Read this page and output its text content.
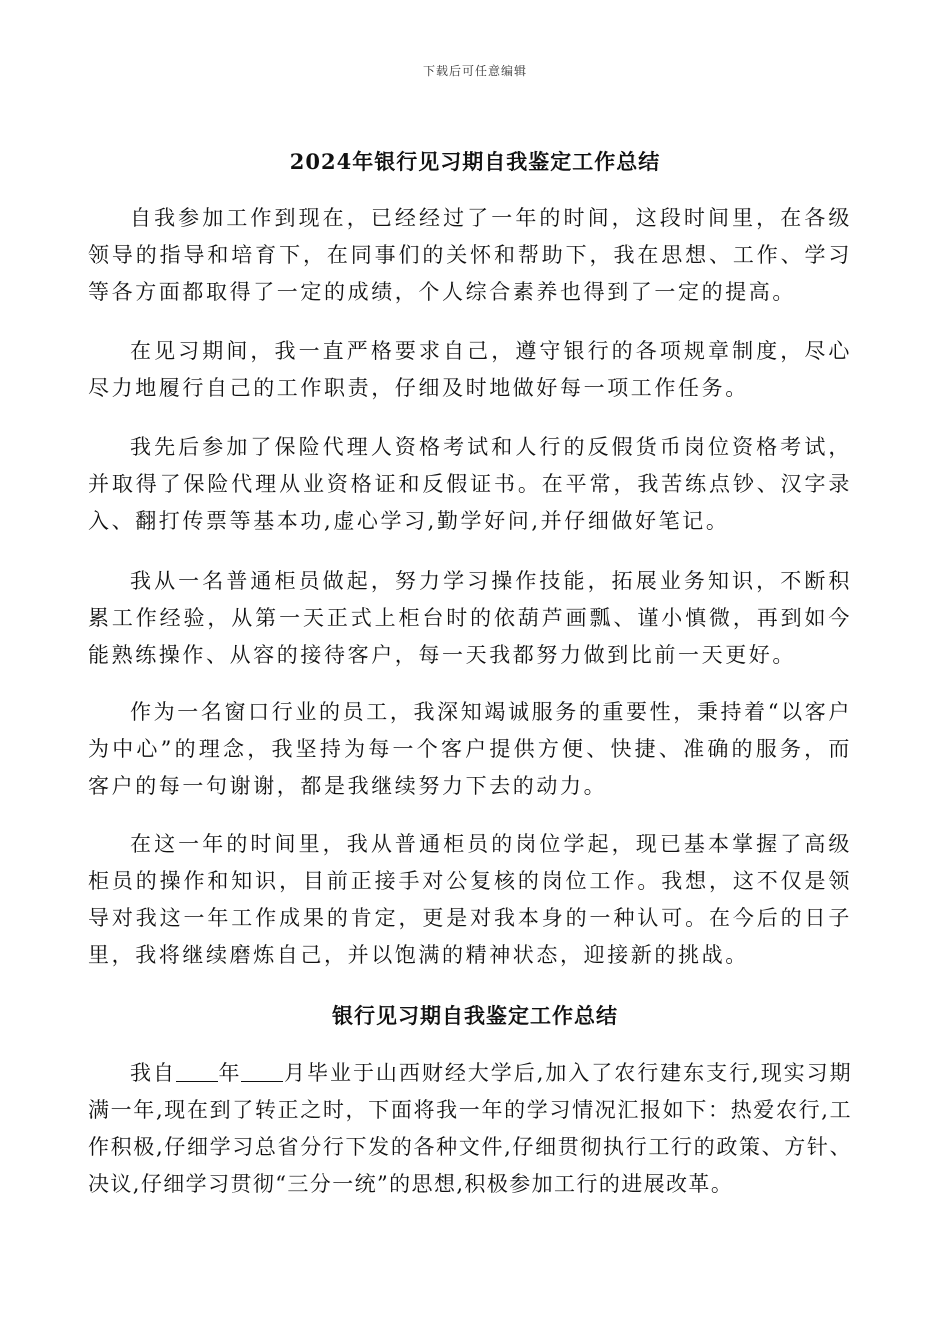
下载后可任意编辑
2024年银行见习期自我鉴定工作总结

自我参加工作到现在，已经经过了一年的时间，这段时间里，在各级领导的指导和培育下，在同事们的关怀和帮助下，我在思想、工作、学习等各方面都取得了一定的成绩，个人综合素养也得到了一定的提高。

在见习期间，我一直严格要求自己，遵守银行的各项规章制度，尽心尽力地履行自己的工作职责，仔细及时地做好每一项工作任务。

我先后参加了保险代理人资格考试和人行的反假货币岗位资格考试，并取得了保险代理从业资格证和反假证书。在平常，我苦练点钞、汉字录入、翻打传票等基本功,虚心学习,勤学好问,并仔细做好笔记。

我从一名普通柜员做起，努力学习操作技能，拓展业务知识，不断积累工作经验，从第一天正式上柜台时的依葫芦画瓢、谨小慎微，再到如今能熟练操作、从容的接待客户，每一天我都努力做到比前一天更好。

作为一名窗口行业的员工，我深知竭诚服务的重要性，秉持着“以客户为中心”的理念，我坚持为每一个客户提供方便、快捷、准确的服务，而客户的每一句谢谢，都是我继续努力下去的动力。

在这一年的时间里，我从普通柜员的岗位学起，现已基本掌握了高级柜员的操作和知识，目前正接手对公复核的岗位工作。我想，这不仅是领导对我这一年工作成果的肯定，更是对我本身的一种认可。在今后的日子里，我将继续磨炼自己，并以饱满的精神状态，迎接新的挑战。

银行见习期自我鉴定工作总结

我自 年 月毕业于山西财经大学后,加入了农行建东支行,现实习期满一年,现在到了转正之时，下面将我一年的学习情况汇报如下：热爱农行,工作积极,仔细学习总省分行下发的各种文件,仔细贯彻执行工行的政策、方针、决议,仔细学习贯彻“三分一统”的思想,积极参加工行的进展改革。
